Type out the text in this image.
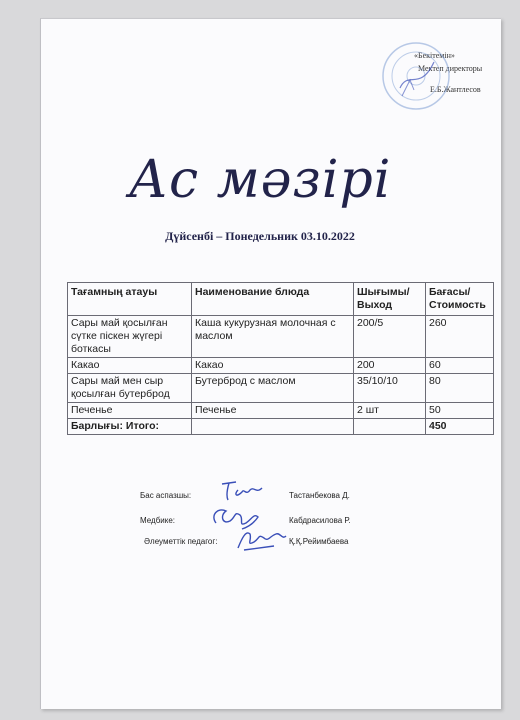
«Бекітемін»
Мектеп директоры
Е.Б.Жантлесов
Ас мәзірі
Дүйсенбі – Понедельник 03.10.2022
Тағамның атауы	Наименование блюда	Шығымы/ Выход	Бағасы/ Стоимость
Сары май қосылған сүтке піскен жүгері боткасы	Каша кукурузная молочная с маслом	200/5	260
Какао	Какао	200	60
Сары май мен сыр қосылған бутерброд	Бутерброд с маслом	35/10/10	80
Печенье	Печенье	2 шт	50
Барлығы: Итого:			450
Бас аспазшы:	Тастанбекова Д.
Медбике:	Кабдрасилова Р.
Әлеуметтік педагог:	Қ.Қ.Рейимбаева
